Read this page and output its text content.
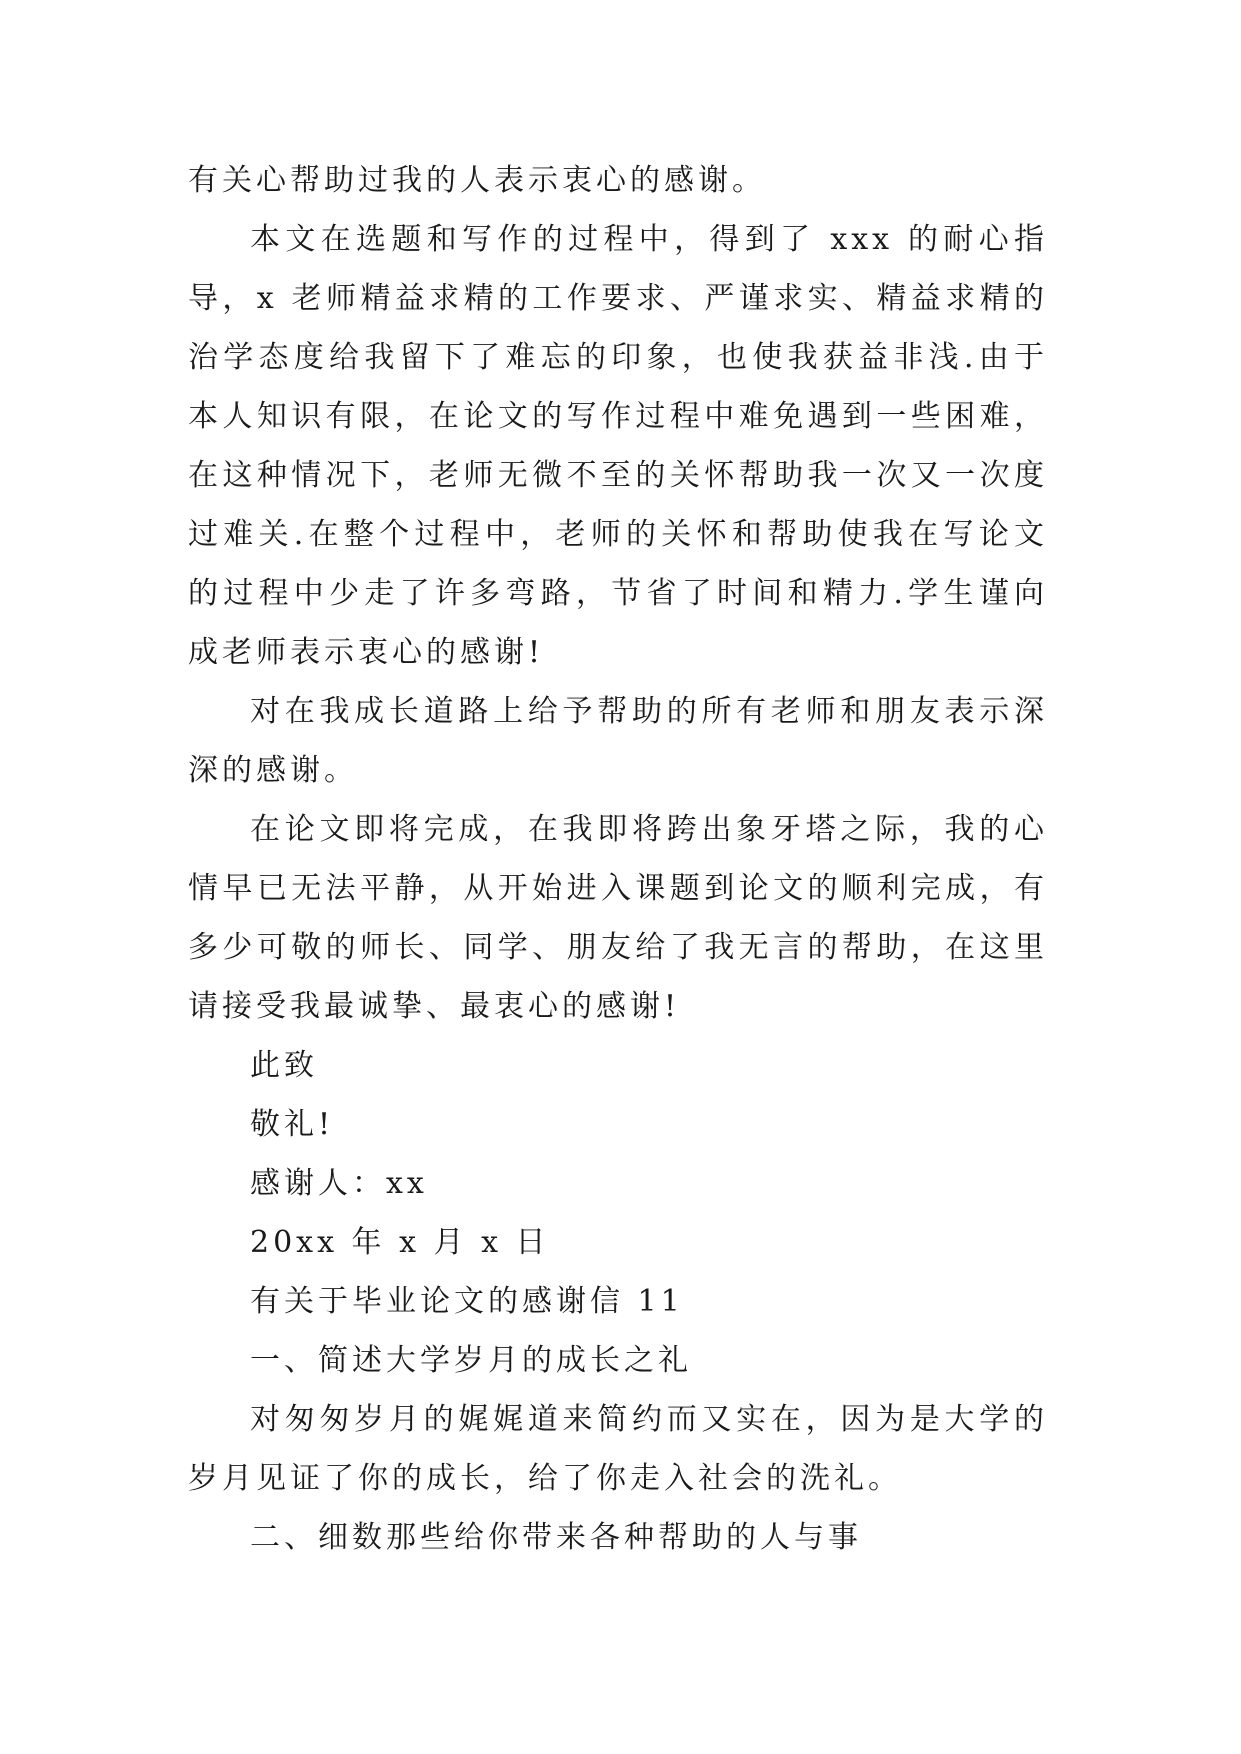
有关心帮助过我的人表示衷心的感谢。

本文在选题和写作的过程中，得到了 xxx 的耐心指导，x 老师精益求精的工作要求、严谨求实、精益求精的治学态度给我留下了难忘的印象，也使我获益非浅.由于本人知识有限，在论文的写作过程中难免遇到一些困难，在这种情况下，老师无微不至的关怀帮助我一次又一次度过难关.在整个过程中，老师的关怀和帮助使我在写论文的过程中少走了许多弯路，节省了时间和精力.学生谨向成老师表示衷心的感谢!

对在我成长道路上给予帮助的所有老师和朋友表示深深的感谢。

在论文即将完成，在我即将跨出象牙塔之际，我的心情早已无法平静，从开始进入课题到论文的顺利完成，有多少可敬的师长、同学、朋友给了我无言的帮助，在这里请接受我最诚挚、最衷心的感谢!

此致
敬礼!
感谢人：xx
20xx 年 x 月 x 日
有关于毕业论文的感谢信 11
一、简述大学岁月的成长之礼

对匆匆岁月的娓娓道来简约而又实在，因为是大学的岁月见证了你的成长，给了你走入社会的洗礼。

二、细数那些给你带来各种帮助的人与事
